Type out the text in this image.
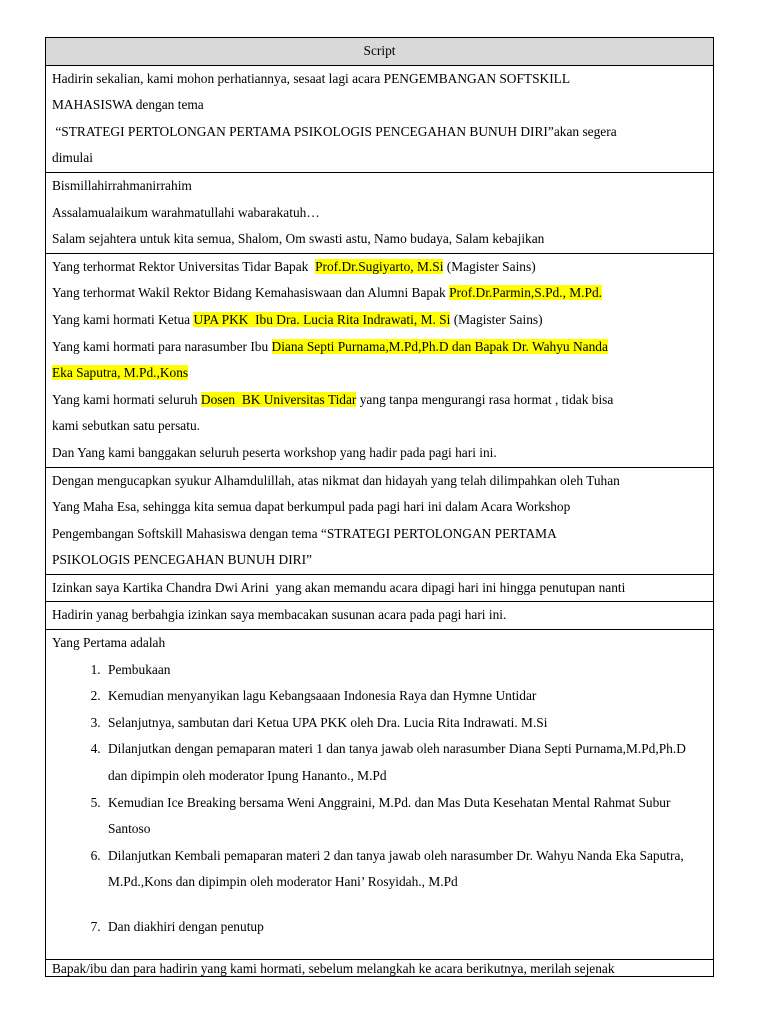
Script

Hadirin sekalian, kami mohon perhatiannya, sesaat lagi acara PENGEMBANGAN SOFTSKILL

MAHASISWA dengan tema

“STRATEGI PERTOLONGAN PERTAMA PSIKOLOGIS PENCEGAHAN BUNUH DIRI”akan segera

dimulai

Bismillahirrahmanirrahim

Assalamualaikum warahmatullahi wabarakatuh…

Salam sejahtera untuk kita semua, Shalom, Om swasti astu, Namo budaya, Salam kebajikan

Yang terhormat Rektor Universitas Tidar Bapak  Prof.Dr.Sugiyarto, M.Si (Magister Sains)

Yang terhormat Wakil Rektor Bidang Kemahasiswaan dan Alumni Bapak Prof.Dr.Parmin,S.Pd., M.Pd.

Yang kami hormati Ketua UPA PKK  Ibu Dra. Lucia Rita Indrawati, M. Si (Magister Sains)

Yang kami hormati para narasumber Ibu Diana Septi Purnama,M.Pd,Ph.D dan Bapak Dr. Wahyu Nanda

Eka Saputra, M.Pd.,Kons

Yang kami hormati seluruh Dosen  BK Universitas Tidar yang tanpa mengurangi rasa hormat , tidak bisa

kami sebutkan satu persatu.

Dan Yang kami banggakan seluruh peserta workshop yang hadir pada pagi hari ini.

Dengan mengucapkan syukur Alhamdulillah, atas nikmat dan hidayah yang telah dilimpahkan oleh Tuhan

Yang Maha Esa, sehingga kita semua dapat berkumpul pada pagi hari ini dalam Acara Workshop

Pengembangan Softskill Mahasiswa dengan tema “STRATEGI PERTOLONGAN PERTAMA

PSIKOLOGIS PENCEGAHAN BUNUH DIRI”

Izinkan saya Kartika Chandra Dwi Arini  yang akan memandu acara dipagi hari ini hingga penutupan nanti

Hadirin yanag berbahgia izinkan saya membacakan susunan acara pada pagi hari ini.

Yang Pertama adalah

1. Pembukaan
2. Kemudian menyanyikan lagu Kebangsaaan Indonesia Raya dan Hymne Untidar
3. Selanjutnya, sambutan dari Ketua UPA PKK oleh Dra. Lucia Rita Indrawati. M.Si
4. Dilanjutkan dengan pemaparan materi 1 dan tanya jawab oleh narasumber Diana Septi Purnama,M.Pd,Ph.D dan dipimpin oleh moderator Ipung Hananto., M.Pd
5. Kemudian Ice Breaking bersama Weni Anggraini, M.Pd. dan Mas Duta Kesehatan Mental Rahmat Subur Santoso
6. Dilanjutkan Kembali pemaparan materi 2 dan tanya jawab oleh narasumber Dr. Wahyu Nanda Eka Saputra, M.Pd.,Kons dan dipimpin oleh moderator Hani’ Rosyidah., M.Pd
7. Dan diakhiri dengan penutup

Bapak/ibu dan para hadirin yang kami hormati, sebelum melangkah ke acara berikutnya, merilah sejenak
